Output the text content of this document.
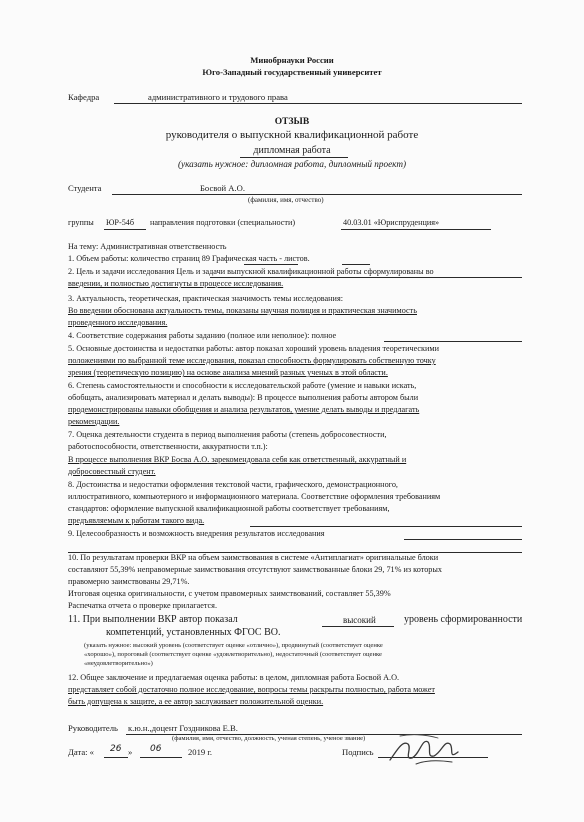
Минобрнауки России
Юго-Западный государственный университет
Кафедра	административного и трудового права
ОТЗЫВ
руководителя о выпускной квалификационной работе
дипломная работа
(указать нужное: дипломная работа, дипломный проект)
Студента	Босвой А.О.
(фамилия, имя, отчество)
группы ЮР-54б направления подготовки (специальности)	40.03.01 «Юриспруденция»
На тему: Административная ответственность
1. Объем работы: количество страниц 89 Графическая часть - листов.
2. Цель и задачи исследования Цель и задачи выпускной квалификационной работы сформулированы во
введении, и полностью достигнуты в процессе исследования.
3. Актуальность, теоретическая, практическая значимость темы исследования:
Во введении обоснована актуальность темы, показаны научная полиция и практическая значимость
проведенного исследования.
4. Соответствие содержания работы заданию (полное или неполное): полное
5. Основные достоинства и недостатки работы: автор показал хороший уровень владения теоретическими
положениями по выбранной теме исследования, показал способность формулировать собственную точку
зрения (теоретическую позицию) на основе анализа мнений разных ученых в этой области.
6. Степень самостоятельности и способности к исследовательской работе (умение и навыки искать,
обобщать, анализировать материал и делать выводы): В процессе выполнения работы автором были
продемонстрированы навыки обобщения и анализа результатов, умение делать выводы и предлагать
рекомендации.
7. Оценка деятельности студента в период выполнения работы (степень добросовестности,
работоспособности, ответственности, аккуратности т.п.):
В процессе выполнения ВКР Босва А.О. зарекомендовала себя как ответственный, аккуратный и
добросовестный студент.
8. Достоинства и недостатки оформления текстовой части, графического, демонстрационного,
иллюстративного, компьютерного и информационного материала. Соответствие оформления требованиям
стандартов: оформление выпускной квалификационной работы соответствует требованиям,
предъявляемым к работам такого вида.
9. Целесообразность и возможность внедрения результатов исследования
10. По результатам проверки ВКР на объем заимствования в системе «Антиплагиат» оригинальные блоки
составляют 55,39% неправомерные заимствования отсутствуют заимствованные блоки 29, 71% из которых
правомерно заимствованы 29,71%.
Итоговая оценка оригинальности, с учетом правомерных заимствований, составляет 55,39%
Распечатка отчета о проверке прилагается.
11. При выполнении ВКР автор показал	высокий	уровень сформированности
компетенций, установленных ФГОС ВО.
(указать нужное: высокий уровень (соответствует оценке «отлично»), продвинутый (соответствует оценке
«хорошо»), пороговый (соответствует оценке «удовлетворительно), недостаточный (соответствует оценке
«неудовлетворительно»)
12. Общее заключение и предлагаемая оценка работы: в целом, дипломная работа Босвой А.О.
представляет собой достаточно полное исследование, вопросы темы раскрыты полностью, работа может
быть допущена к защите, а ее автор заслуживает положительной оценки.
Руководитель к.ю.н.,доцент Гоздникова Е.В.
(фамилия, имя, отчество, должность, ученая степень, ученое звание)
Дата: « 26 » 06	2019 г.	Подпись
